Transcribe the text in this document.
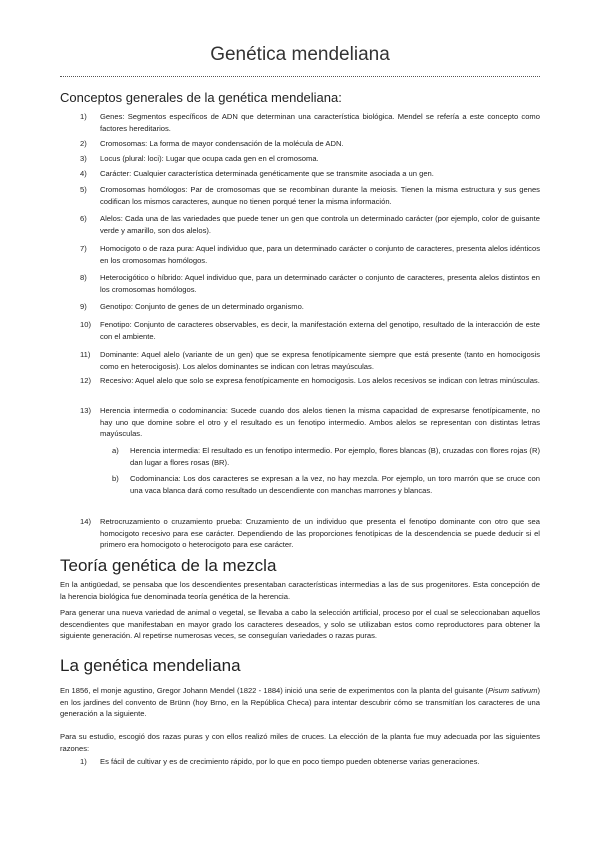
Genética mendeliana
Conceptos generales de la genética mendeliana:
1) Genes: Segmentos específicos de ADN que determinan una característica biológica. Mendel se refería a este concepto como factores hereditarios.
2) Cromosomas: La forma de mayor condensación de la molécula de ADN.
3) Locus (plural: loci): Lugar que ocupa cada gen en el cromosoma.
4) Carácter: Cualquier característica determinada genéticamente que se transmite asociada a un gen.
5) Cromosomas homólogos: Par de cromosomas que se recombinan durante la meiosis. Tienen la misma estructura y sus genes codifican los mismos caracteres, aunque no tienen porqué tener la misma información.
6) Alelos: Cada una de las variedades que puede tener un gen que controla un determinado carácter (por ejemplo, color de guisante verde y amarillo, son dos alelos).
7) Homocigoto o de raza pura: Aquel individuo que, para un determinado carácter o conjunto de caracteres, presenta alelos idénticos en los cromosomas homólogos.
8) Heterocigótico o híbrido: Aquel individuo que, para un determinado carácter o conjunto de caracteres, presenta alelos distintos en los cromosomas homólogos.
9) Genotipo: Conjunto de genes de un determinado organismo.
10) Fenotipo: Conjunto de caracteres observables, es decir, la manifestación externa del genotipo, resultado de la interacción de este con el ambiente.
11) Dominante: Aquel alelo (variante de un gen) que se expresa fenotípicamente siempre que está presente (tanto en homocigosis como en heterocigosis). Los alelos dominantes se indican con letras mayúsculas.
12) Recesivo: Aquel alelo que solo se expresa fenotípicamente en homocigosis. Los alelos recesivos se indican con letras minúsculas.
13) Herencia intermedia o codominancia: Sucede cuando dos alelos tienen la misma capacidad de expresarse fenotípicamente, no hay uno que domine sobre el otro y el resultado es un fenotipo intermedio. Ambos alelos se representan con distintas letras mayúsculas.
14) Retrocruzamiento o cruzamiento prueba: Cruzamiento de un individuo que presenta el fenotipo dominante con otro que sea homocigoto recesivo para ese carácter. Dependiendo de las proporciones fenotípicas de la descendencia se puede deducir si el primero era homocigoto o heterocigoto para ese carácter.
a) Herencia intermedia: El resultado es un fenotipo intermedio. Por ejemplo, flores blancas (B), cruzadas con flores rojas (R) dan lugar a flores rosas (BR).
b) Codominancia: Los dos caracteres se expresan a la vez, no hay mezcla. Por ejemplo, un toro marrón que se cruce con una vaca blanca dará como resultado un descendiente con manchas marrones y blancas.
Teoría genética de la mezcla
En la antigüedad, se pensaba que los descendientes presentaban características intermedias a las de sus progenitores. Esta concepción de la herencia biológica fue denominada teoría genética de la herencia.
Para generar una nueva variedad de animal o vegetal, se llevaba a cabo la selección artificial, proceso por el cual se seleccionaban aquellos descendientes que manifestaban en mayor grado los caracteres deseados, y solo se utilizaban estos como reproductores para obtener la siguiente generación. Al repetirse numerosas veces, se conseguían variedades o razas puras.
La genética mendeliana
En 1856, el monje agustino, Gregor Johann Mendel (1822 - 1884) inició una serie de experimentos con la planta del guisante (Pisum sativum) en los jardines del convento de Brünn (hoy Brno, en la República Checa) para intentar descubrir cómo se transmitían los caracteres de una generación a la siguiente.
Para su estudio, escogió dos razas puras y con ellos realizó miles de cruces. La elección de la planta fue muy adecuada por las siguientes razones:
1) Es fácil de cultivar y es de crecimiento rápido, por lo que en poco tiempo pueden obtenerse varias generaciones.
